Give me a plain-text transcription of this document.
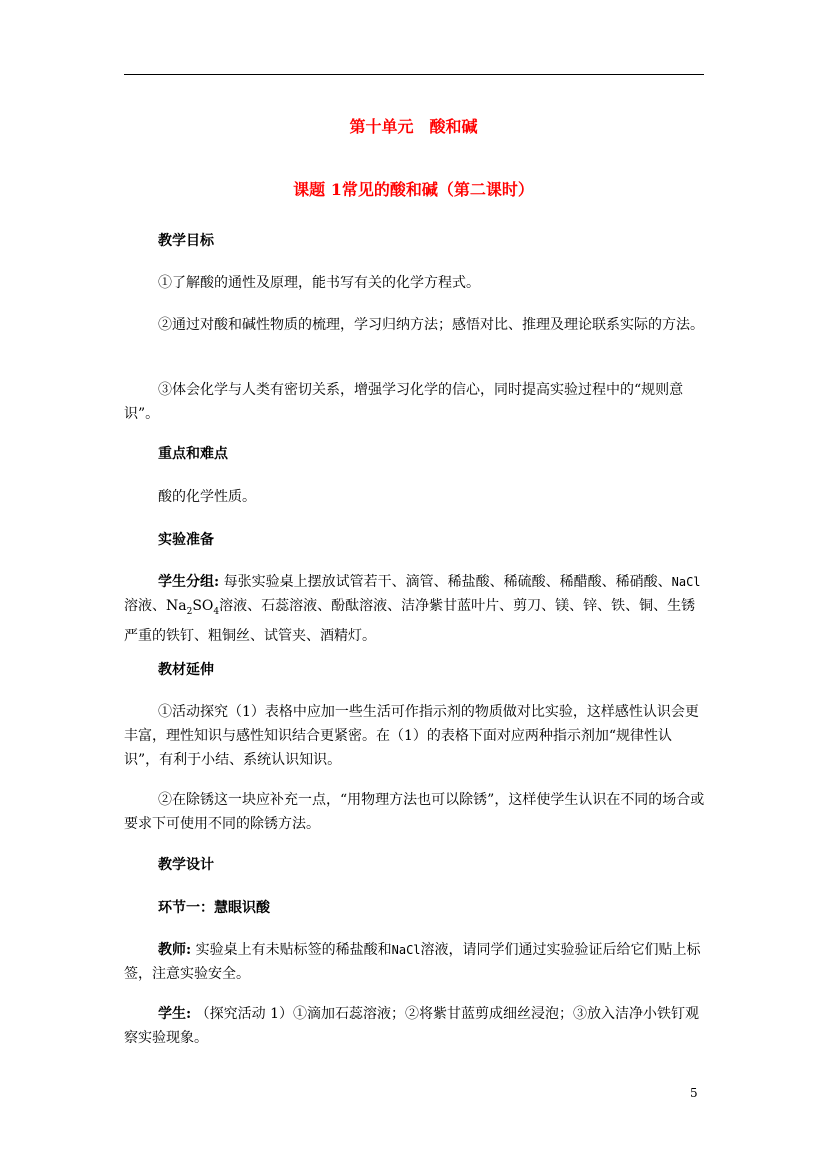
第十单元　酸和碱
课题 1常见的酸和碱（第二课时）
教学目标
①了解酸的通性及原理，能书写有关的化学方程式。
②通过对酸和碱性物质的梳理，学习归纳方法；感悟对比、推理及理论联系实际的方法。
③体会化学与人类有密切关系，增强学习化学的信心，同时提高实验过程中的“规则意识”。
重点和难点
酸的化学性质。
实验准备
学生分组: 每张实验桌上摆放试管若干、滴管、稀盐酸、稀硫酸、稀醋酸、稀硝酸、NaCl溶液、$Na_2SO_4$溶液、石蕊溶液、酚酞溶液、洁净紫甘蓝叶片、剪刀、镁、锌、铁、铜、生锈严重的铁钉、粗铜丝、试管夹、酒精灯。
教材延伸
①活动探究（1）表格中应加一些生活可作指示剂的物质做对比实验，这样感性认识会更丰富，理性知识与感性知识结合更紧密。在（1）的表格下面对应两种指示剂加“规律性认识”，有利于小结、系统认识知识。
②在除锈这一块应补充一点，“用物理方法也可以除锈”，这样使学生认识在不同的场合或要求下可使用不同的除锈方法。
教学设计
环节一：慧眼识酸
教师: 实验桌上有未贴标签的稀盐酸和NaCl溶液，请同学们通过实验验证后给它们贴上标签，注意实验安全。
学生: （探究活动 1）①滴加石蕊溶液；②将紫甘蓝剪成细丝浸泡；③放入洁净小铁钉观察实验现象。
5
